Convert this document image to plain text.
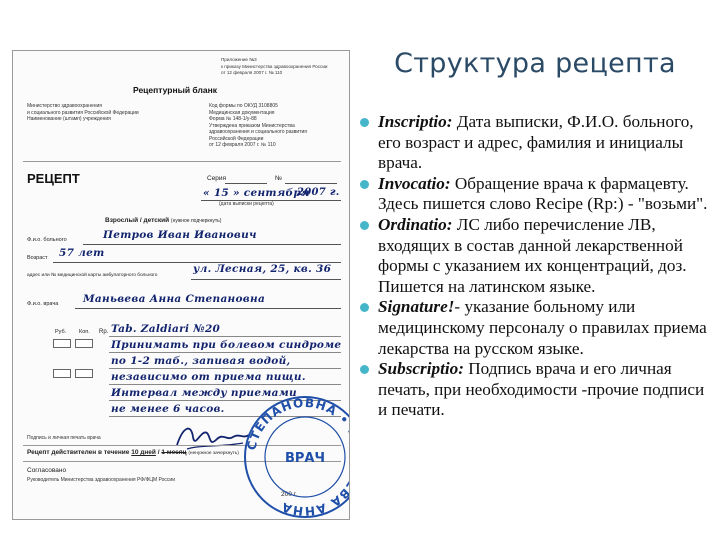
Приложение №3
к приказу Министерства здравоохранения России
от 12 февраля 2007 г. № 110
Рецептурный бланк
Министерство здравоохранения
и социального развития Российской Федерации
Наименование (штамп) учреждения
Код формы по ОКУД 3108805
Медицинская документация
Форма № 148-1/у-88
Утверждена приказом Министерства
здравоохранения и социального развития
Российской Федерации
от 12 февраля 2007 г. № 110
РЕЦЕПТ	Серия	№
« 15 » сентября
2007 г.
(дата выписки рецепта)
Взрослый / детский (нужное подчеркнуть)
Ф.и.о. больного	Петров Иван Иванович
Возраст 57 лет
адрес или № медицинской карты амбулаторного больного
ул. Лесная, 25, кв. 36
Ф.и.о. врача Маньвева Анна Степановна
Руб. Коп. Rp. Tab. Zaldiari №20
Принимать при болевом синдроме
по 1-2 таб., запивая водой,
независимо от приема пищи.
Интервал между приемами
не менее 6 часов.
Подпись и личная печать врача
Рецепт действителен в течение 10 дней / 1 месяц (ненужное зачеркнуть)
Согласовано
Руководитель Министерства здравоохранения РФ/ФЦМ России
200 г.
СТЕПАНОВНА • МАТВЕЕВА АННА
ВРАЧ
Структура рецепта
Inscriptio: Дата выписки, Ф.И.О. больного, его возраст и адрес, фамилия и инициалы врача.
Invocatio: Обращение врача к фармацевту. Здесь пишется слово Recipe (Rp:) - "возьми".
Ordinatio: ЛС либо перечисление ЛВ, входящих в состав данной лекарственной формы с указанием их концентраций, доз. Пишется на латинском языке.
Signature!- указание больному или медицинскому персоналу о правилах приема лекарства на русском языке.
Subscriptio: Подпись врача и его личная печать, при необходимости -прочие подписи и печати.
